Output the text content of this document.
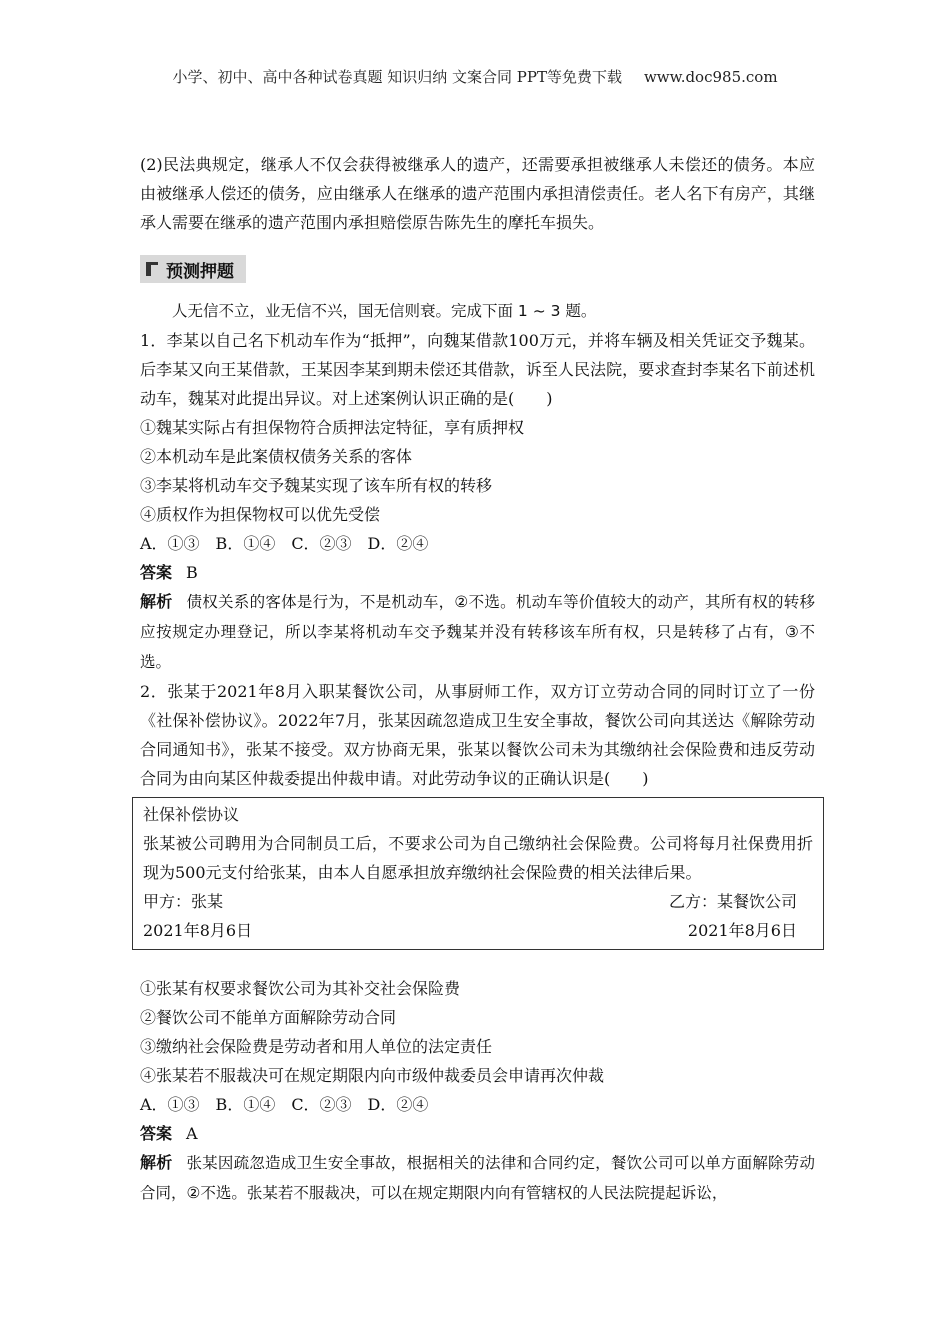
小学、初中、高中各种试卷真题 知识归纳 文案合同 PPT等免费下载 www.doc985.com

(2)民法典规定，继承人不仅会获得被继承人的遗产，还需要承担被继承人未偿还的债务。本应由被继承人偿还的债务，应由继承人在继承的遗产范围内承担清偿责任。老人名下有房产，其继承人需要在继承的遗产范围内承担赔偿原告陈先生的摩托车损失。

预测押题

人无信不立，业无信不兴，国无信则衰。完成下面 1 ~ 3 题。

1．李某以自己名下机动车作为“抵押”，向魏某借款100万元，并将车辆及相关凭证交予魏某。后李某又向王某借款，王某因李某到期未偿还其借款，诉至人民法院，要求查封李某名下前述机动车，魏某对此提出异议。对上述案例认识正确的是(　　)

①魏某实际占有担保物符合质押法定特征，享有质押权

②本机动车是此案债权债务关系的客体

③李某将机动车交予魏某实现了该车所有权的转移

④质权作为担保物权可以优先受偿

A．①③　B．①④　C．②③　D．②④

答案 B

解析 债权关系的客体是行为，不是机动车，②不选。机动车等价值较大的动产，其所有权的转移应按规定办理登记，所以李某将机动车交予魏某并没有转移该车所有权，只是转移了占有，③不选。

2．张某于2021年8月入职某餐饮公司，从事厨师工作，双方订立劳动合同的同时订立了一份《社保补偿协议》。2022年7月，张某因疏忽造成卫生安全事故，餐饮公司向其送达《解除劳动合同通知书》，张某不接受。双方协商无果，张某以餐饮公司未为其缴纳社会保险费和违反劳动合同为由向某区仲裁委提出仲裁申请。对此劳动争议的正确认识是(　　)

社保补偿协议

张某被公司聘用为合同制员工后，不要求公司为自己缴纳社会保险费。公司将每月社保费用折现为500元支付给张某，由本人自愿承担放弃缴纳社会保险费的相关法律后果。

甲方：张某	乙方：某餐饮公司

2021年8月6日	2021年8月6日

①张某有权要求餐饮公司为其补交社会保险费

②餐饮公司不能单方面解除劳动合同

③缴纳社会保险费是劳动者和用人单位的法定责任

④张某若不服裁决可在规定期限内向市级仲裁委员会申请再次仲裁

A．①③　B．①④　C．②③　D．②④

答案 A

解析 张某因疏忽造成卫生安全事故，根据相关的法律和合同约定，餐饮公司可以单方面解除劳动合同，②不选。张某若不服裁决，可以在规定期限内向有管辖权的人民法院提起诉讼，
